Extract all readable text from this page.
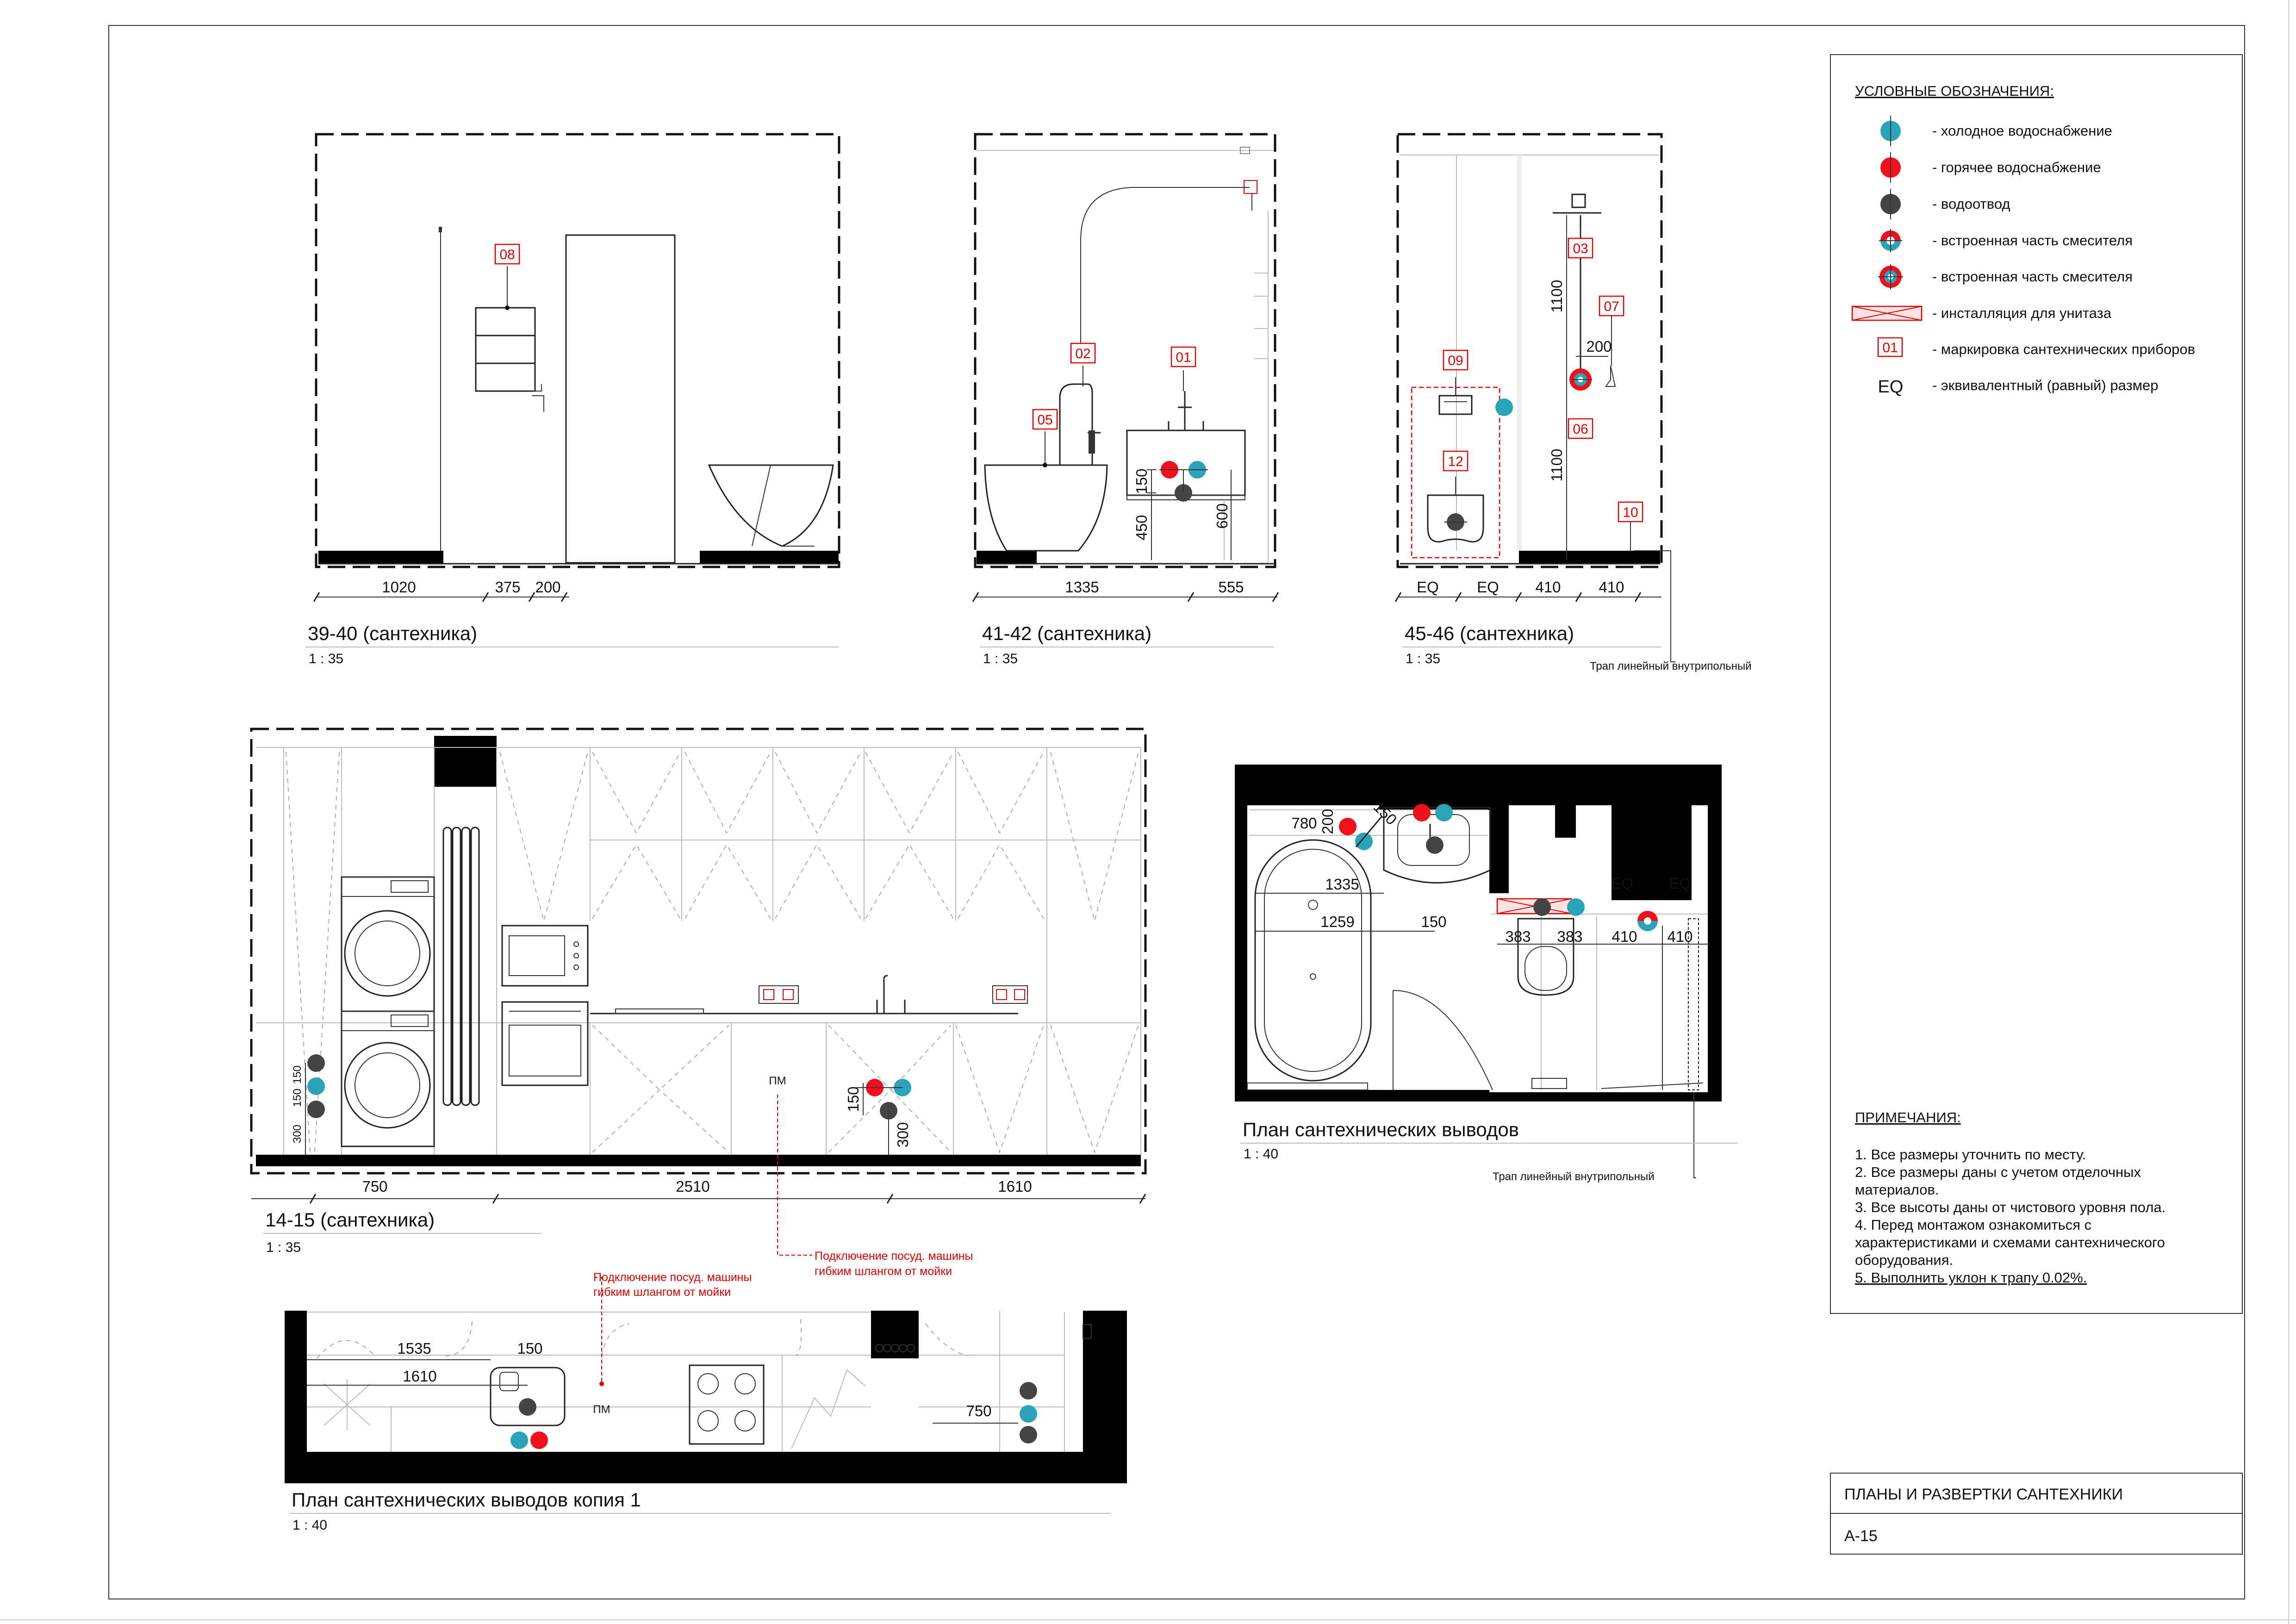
УСЛОВНЫЕ ОБОЗНАЧЕНИЯ:
- холодное водоснабжение
- горячее водоснабжение
- водоотвод
- встроенная часть смесителя
- встроенная часть смесителя
- инсталляция для унитаза
01 - маркировка сантехнических приборов
EQ - эквивалентный (равный) размер
ПРИМЕЧАНИЯ:
1. Все размеры уточнить по месту.
2. Все размеры даны с учетом отделочных
материалов.
3. Все высоты даны от чистового уровня пола.
4. Перед монтажом ознакомиться с
характеристиками и схемами сантехнического
оборудования.
5. Выполнить уклон к трапу 0.02%.
ПЛАНЫ И РАЗВЕРТКИ САНТЕХНИКИ
А-15
08
1020	375 200
39-40 (сантехника)
1 : 35
02	01
05
150
450	600
1335	555
41-42 (сантехника)
1 : 35
09
12
03
07
06
10
1100
1100
200
EQ EQ 410 410
Трап линейный внутрипольный
45-46 (сантехника)
1 : 35
150
150
300
150
300
ПМ
Подключение посуд. машины
гибким шлангом от мойки
750	2510	1610
14-15 (сантехника)
1 : 35
780 200 150
1335
1259	150
383 383 410 410
EQ EQ
Трап линейный внутрипольный
План сантехнических выводов
1 : 40
750
1535	150
1610
ПМ
Подключение посуд. машины
гибким шлангом от мойки
План сантехнических выводов копия 1
1 : 40
